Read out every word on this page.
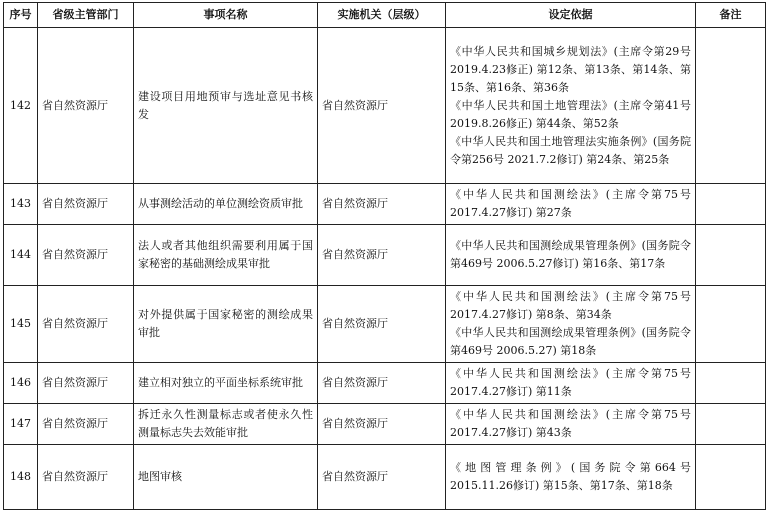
序号	省级主管部门	事项名称	实施机关（层级）	设定依据	备注
142	省自然资源厅	建设项目用地预审与选址意见书核发	省自然资源厅	《中华人民共和国城乡规划法》(主席令第29号 2019.4.23修正) 第12条、第13条、第14条、第15条、第16条、第36条
《中华人民共和国土地管理法》(主席令第41号 2019.8.26修正) 第44条、第52条
《中华人民共和国土地管理法实施条例》(国务院令第256号 2021.7.2修订) 第24条、第25条	

143	省自然资源厅	从事测绘活动的单位测绘资质审批	省自然资源厅	《中华人民共和国测绘法》(主席令第75号 2017.4.27修订) 第27条	

144	省自然资源厅	法人或者其他组织需要利用属于国家秘密的基础测绘成果审批	省自然资源厅	《中华人民共和国测绘成果管理条例》(国务院令第469号 2006.5.27修订) 第16条、第17条	

145	省自然资源厅	对外提供属于国家秘密的测绘成果审批	省自然资源厅	《中华人民共和国测绘法》(主席令第75号 2017.4.27修订) 第8条、第34条
《中华人民共和国测绘成果管理条例》(国务院令第469号 2006.5.27) 第18条	

146	省自然资源厅	建立相对独立的平面坐标系统审批	省自然资源厅	《中华人民共和国测绘法》(主席令第75号 2017.4.27修订) 第11条	

147	省自然资源厅	拆迁永久性测量标志或者使永久性测量标志失去效能审批	省自然资源厅	《中华人民共和国测绘法》(主席令第75号 2017.4.27修订) 第43条	

148	省自然资源厅	地图审核	省自然资源厅	《地图管理条例》(国务院令第664号 2015.11.26修订) 第15条、第17条、第18条	
